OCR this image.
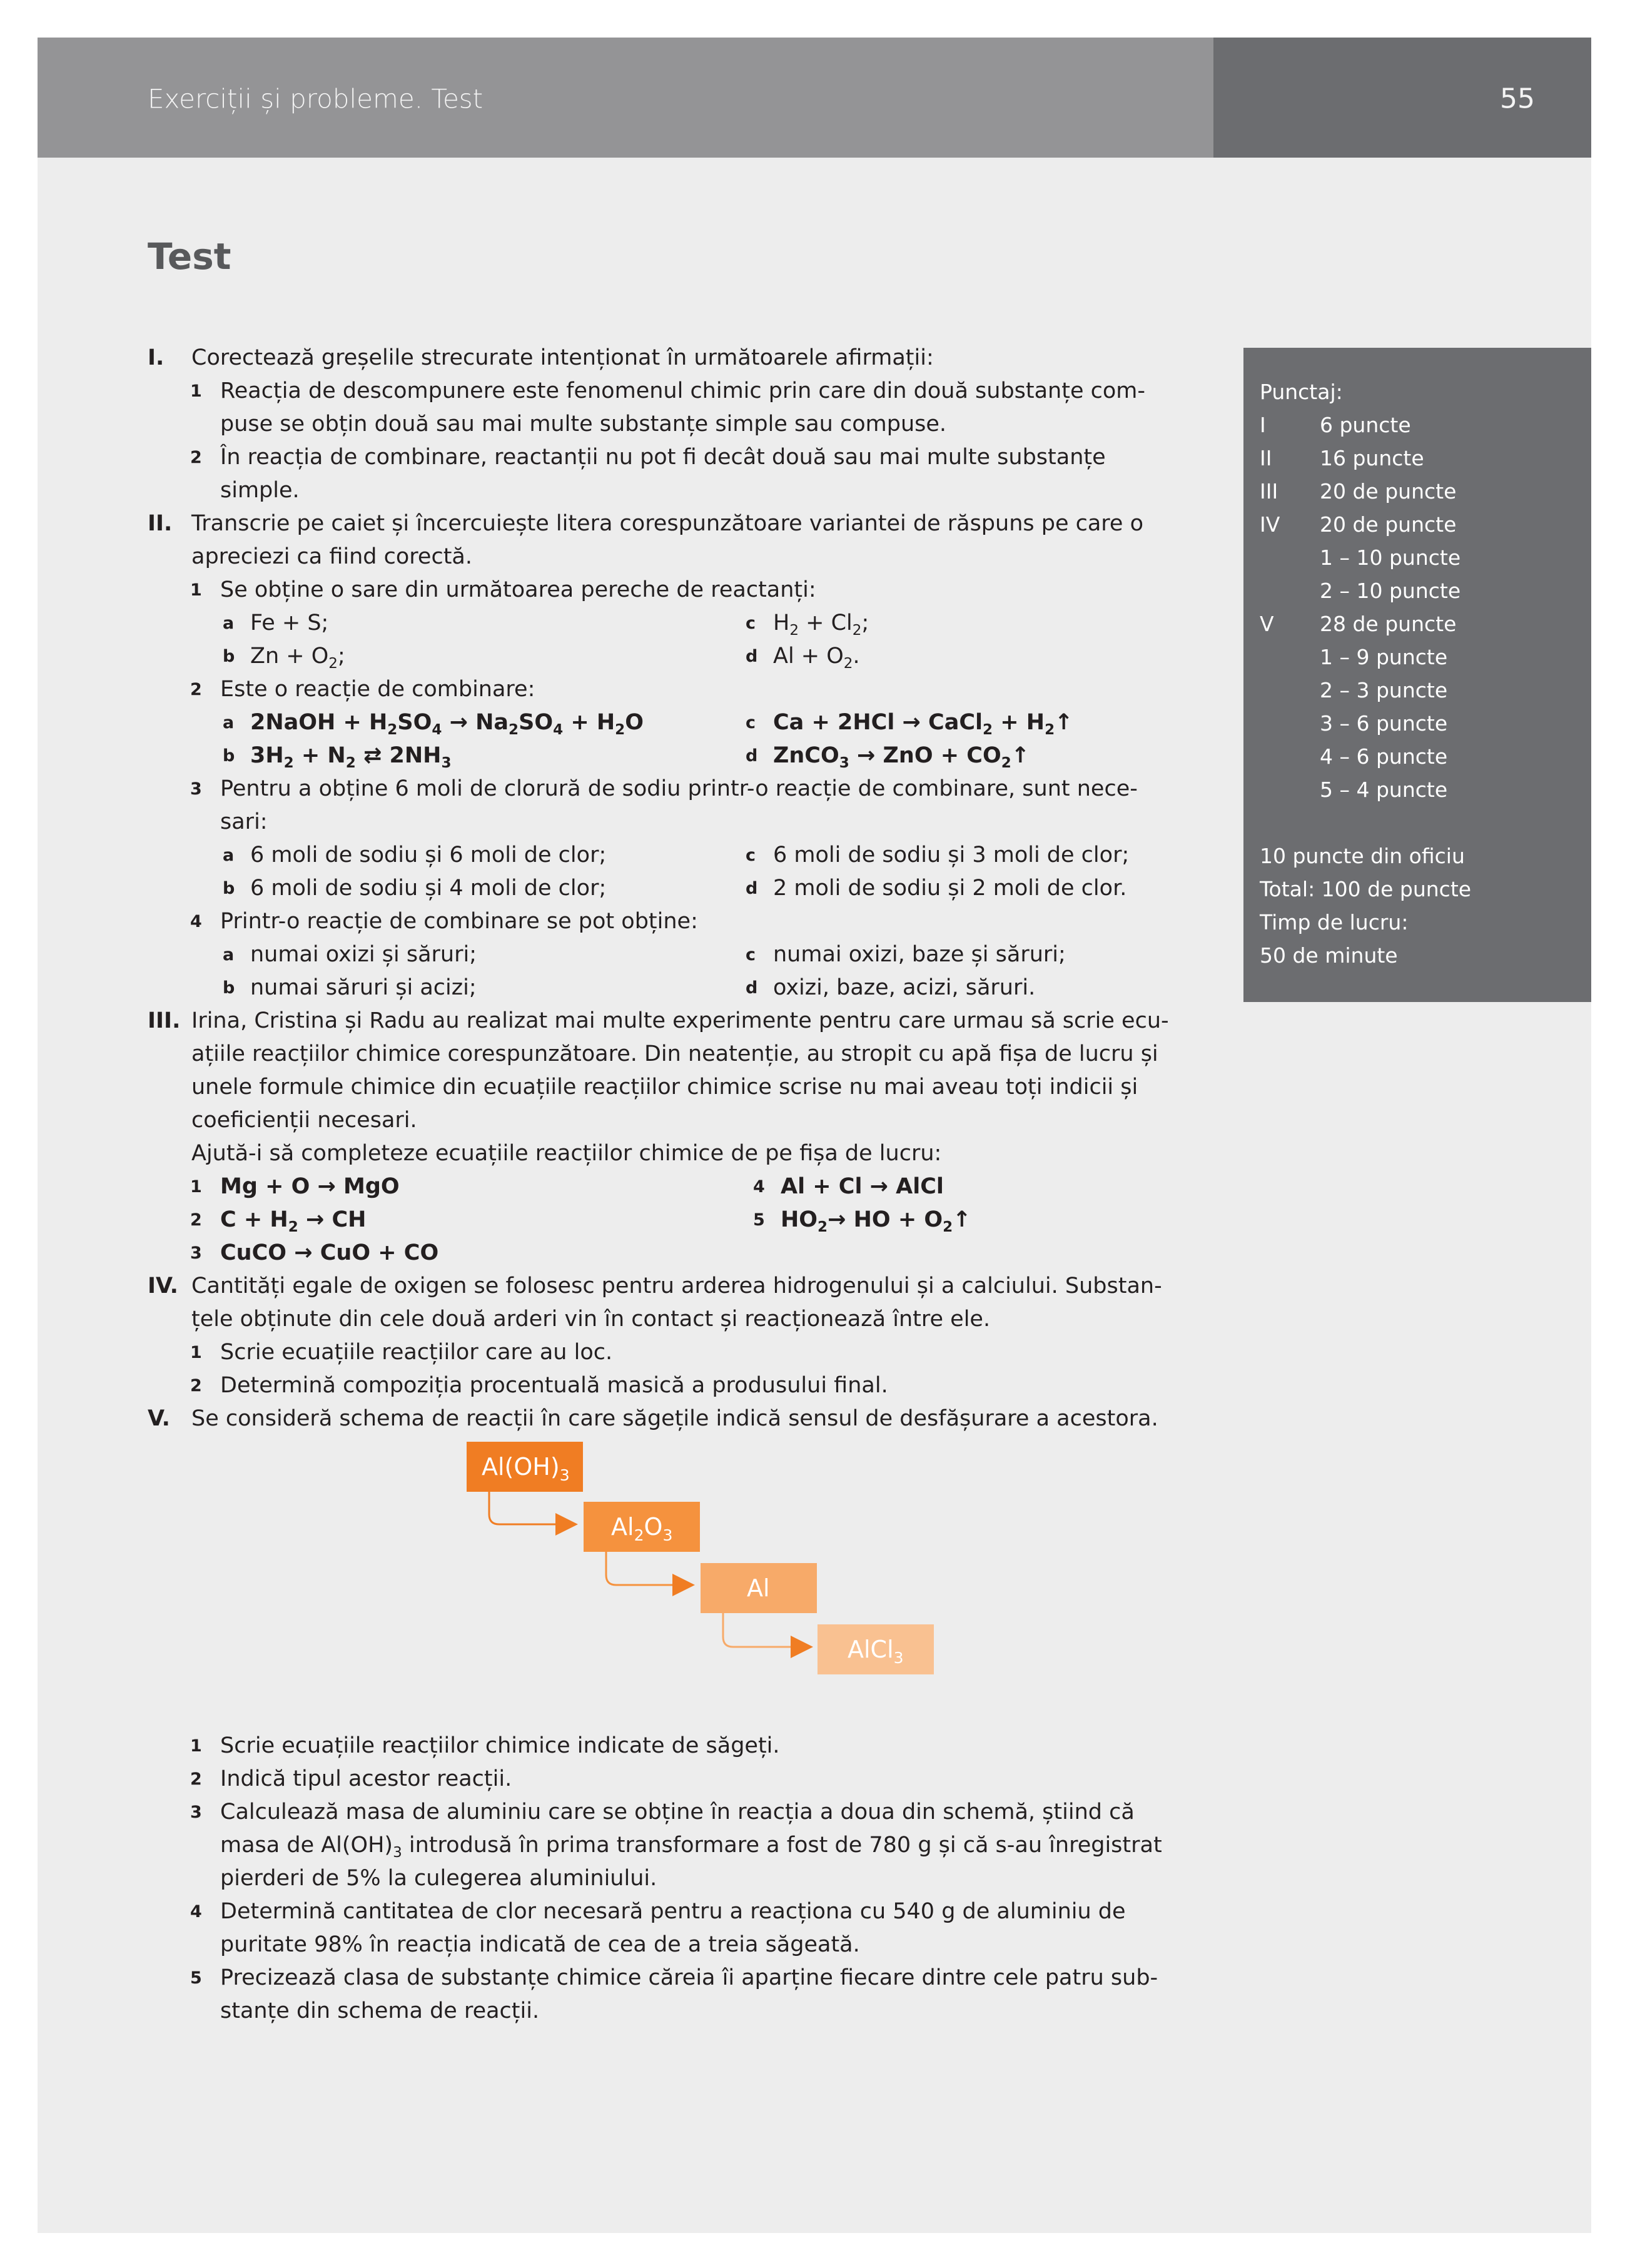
Exerciții și probleme. Test	55
Test
Punctaj:
I	6 puncte
II	16 puncte
III	20 de puncte
IV	20 de puncte
1 – 10 puncte
2 – 10 puncte
V	28 de puncte
1 – 9 puncte
2 – 3 puncte
3 – 6 puncte
4 – 6 puncte
5 – 4 puncte
10 puncte din oficiu
Total: 100 de puncte
Timp de lucru:
50 de minute
I. Corectează greșelile strecurate intenționat în următoarele afirmații:
1 Reacția de descompunere este fenomenul chimic prin care din două substanțe com-
puse se obțin două sau mai multe substanțe simple sau compuse.
2 În reacția de combinare, reactanții nu pot fi decât două sau mai multe substanțe
simple.
II. Transcrie pe caiet și încercuiește litera corespunzătoare variantei de răspuns pe care o
apreciezi ca fiind corectă.
1 Se obține o sare din următoarea pereche de reactanți:
a Fe + S;	c $H_2 + Cl_2$;
b $Zn + O_2$;	d $Al + O_2$.
2 Este o reacție de combinare:
a 2NaOH + $H_2SO_4 \to Na_2SO_4 + H_2O$	c Ca + 2HCl → CaCl$_2$ + $H_2↑$
b $3H_2 + N_2$ ⇄ $2NH_3$	d ZnCO$_3$ → ZnO + $CO_2↑$
3 Pentru a obține 6 moli de clorură de sodiu printr-o reacție de combinare, sunt nece-
sari:
a 6 moli de sodiu și 6 moli de clor;	c 6 moli de sodiu și 3 moli de clor;
b 6 moli de sodiu și 4 moli de clor;	d 2 moli de sodiu și 2 moli de clor.
4 Printr-o reacție de combinare se pot obține:
a numai oxizi și săruri;	c numai oxizi, baze și săruri;
b numai săruri și acizi;	d oxizi, baze, acizi, săruri.
III. Irina, Cristina și Radu au realizat mai multe experimente pentru care urmau să scrie ecu-
ațiile reacțiilor chimice corespunzătoare. Din neatenție, au stropit cu apă fișa de lucru și
unele formule chimice din ecuațiile reacțiilor chimice scrise nu mai aveau toți indicii și
coeficienții necesari.
Ajută-i să completeze ecuațiile reacțiilor chimice de pe fișa de lucru:
1 Mg + O → MgO	4 Al + Cl → AlCl
2 $C + H_2$ → CH	5 $HO_2\to$ HO + $O_2↑$
3 CuCO → CuO + CO
IV. Cantități egale de oxigen se folosesc pentru arderea hidrogenului și a calciului. Substan-
țele obținute din cele două arderi vin în contact și reacționează între ele.
1 Scrie ecuațiile reacțiilor care au loc.
2 Determină compoziția procentuală masică a produsului final.
V. Se consideră schema de reacții în care săgețile indică sensul de desfășurare a acestora.
$Al(OH)_3$
$Al_2O_3$
Al
AlCl$_3$
1 Scrie ecuațiile reacțiilor chimice indicate de săgeți.
2 Indică tipul acestor reacții.
3 Calculează masa de aluminiu care se obține în reacția a doua din schemă, știind că
masa de $Al(OH)_3$ introdusă în prima transformare a fost de 780 g și că s-au înregistrat
pierderi de 5% la culegerea aluminiului.
4 Determină cantitatea de clor necesară pentru a reacționa cu 540 g de aluminiu de
puritate 98% în reacția indicată de cea de a treia săgeată.
5 Precizează clasa de substanțe chimice căreia îi aparține fiecare dintre cele patru sub-
stanțe din schema de reacții.
